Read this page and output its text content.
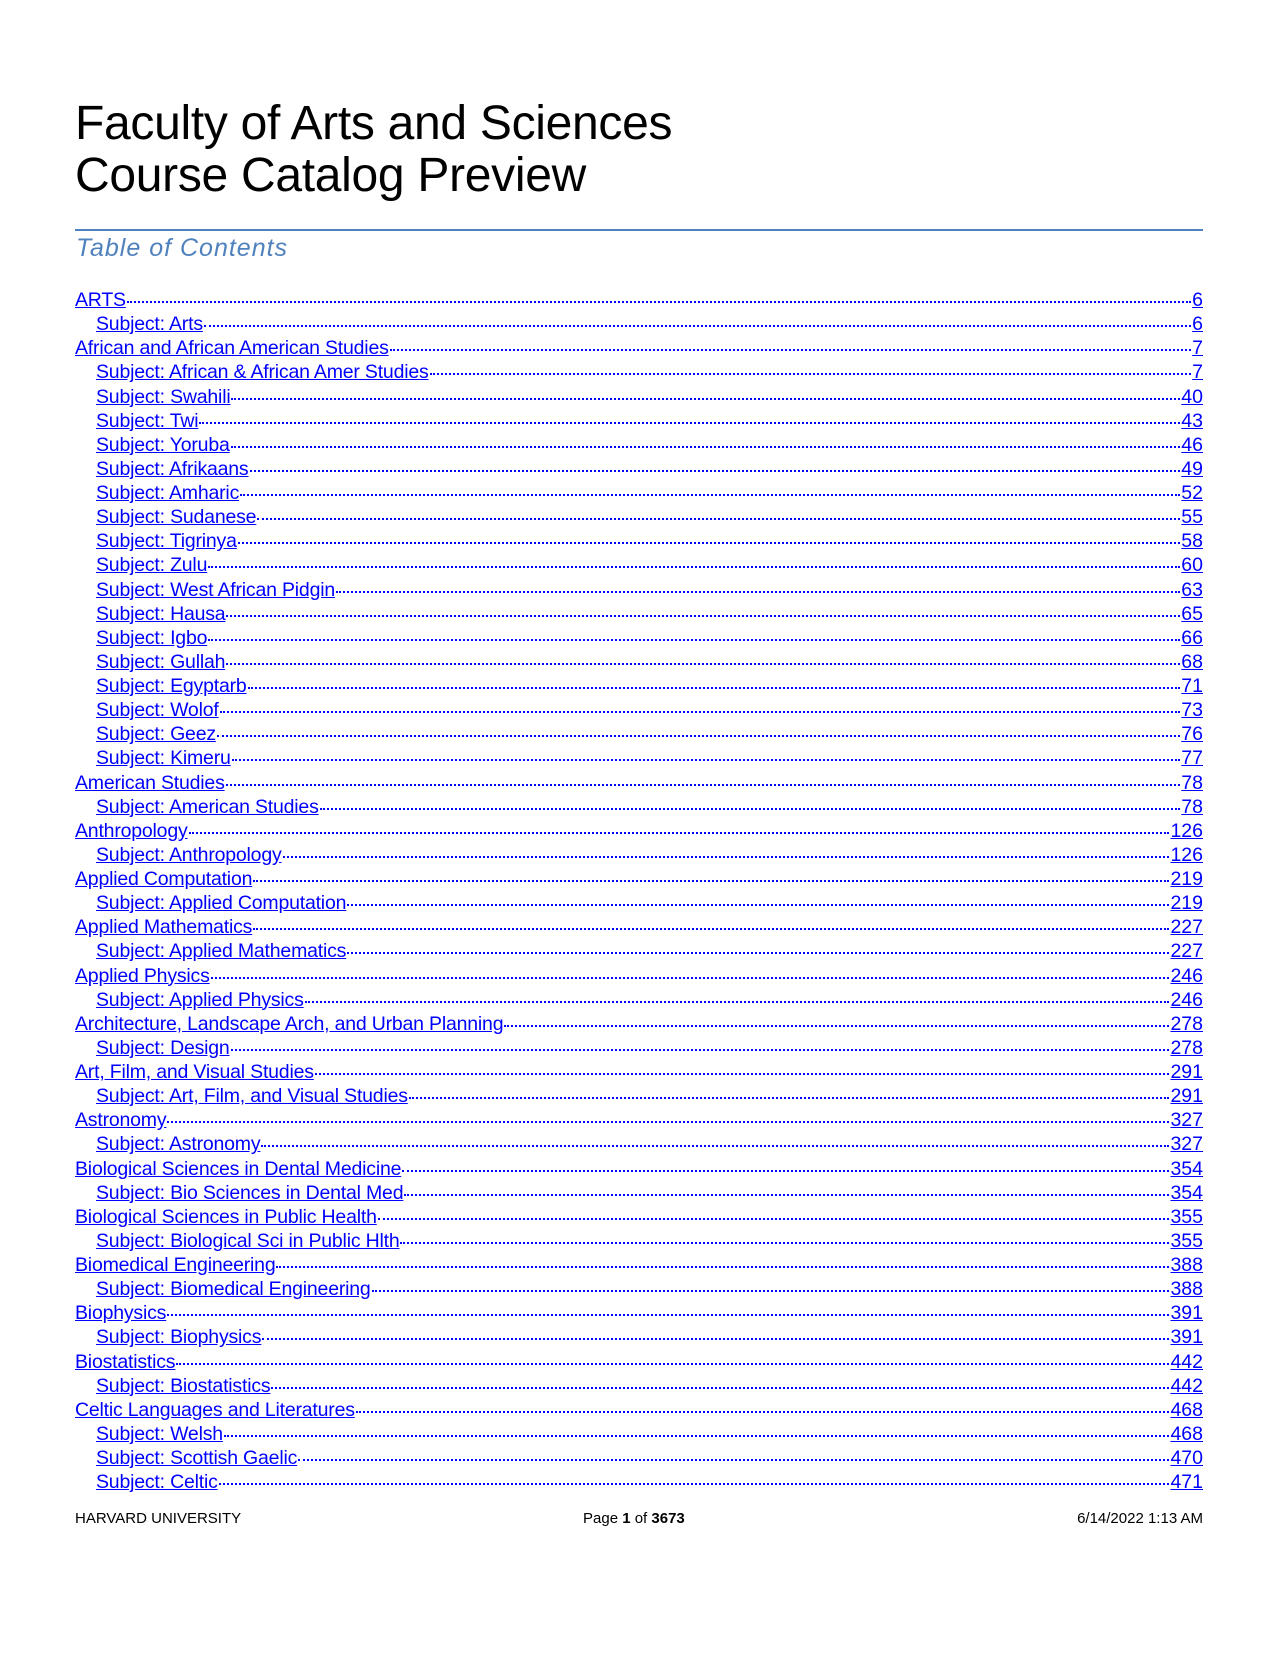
Faculty of Arts and Sciences
Course Catalog Preview
Table of Contents
ARTS	6
Subject: Arts	6
African and African American Studies	7
Subject: African & African Amer Studies	7
Subject: Swahili	40
Subject: Twi	43
Subject: Yoruba	46
Subject: Afrikaans	49
Subject: Amharic	52
Subject: Sudanese	55
Subject: Tigrinya	58
Subject: Zulu	60
Subject: West African Pidgin	63
Subject: Hausa	65
Subject: Igbo	66
Subject: Gullah	68
Subject: Egyptarb	71
Subject: Wolof	73
Subject: Geez	76
Subject: Kimeru	77
American Studies	78
Subject: American Studies	78
Anthropology	126
Subject: Anthropology	126
Applied Computation	219
Subject: Applied Computation	219
Applied Mathematics	227
Subject: Applied Mathematics	227
Applied Physics	246
Subject: Applied Physics	246
Architecture, Landscape Arch, and Urban Planning	278
Subject: Design	278
Art, Film, and Visual Studies	291
Subject: Art, Film, and Visual Studies	291
Astronomy	327
Subject: Astronomy	327
Biological Sciences in Dental Medicine	354
Subject: Bio Sciences in Dental Med	354
Biological Sciences in Public Health	355
Subject: Biological Sci in Public Hlth	355
Biomedical Engineering	388
Subject: Biomedical Engineering	388
Biophysics	391
Subject: Biophysics	391
Biostatistics	442
Subject: Biostatistics	442
Celtic Languages and Literatures	468
Subject: Welsh	468
Subject: Scottish Gaelic	470
Subject: Celtic	471
HARVARD UNIVERSITY	Page 1 of 3673	6/14/2022 1:13 AM
